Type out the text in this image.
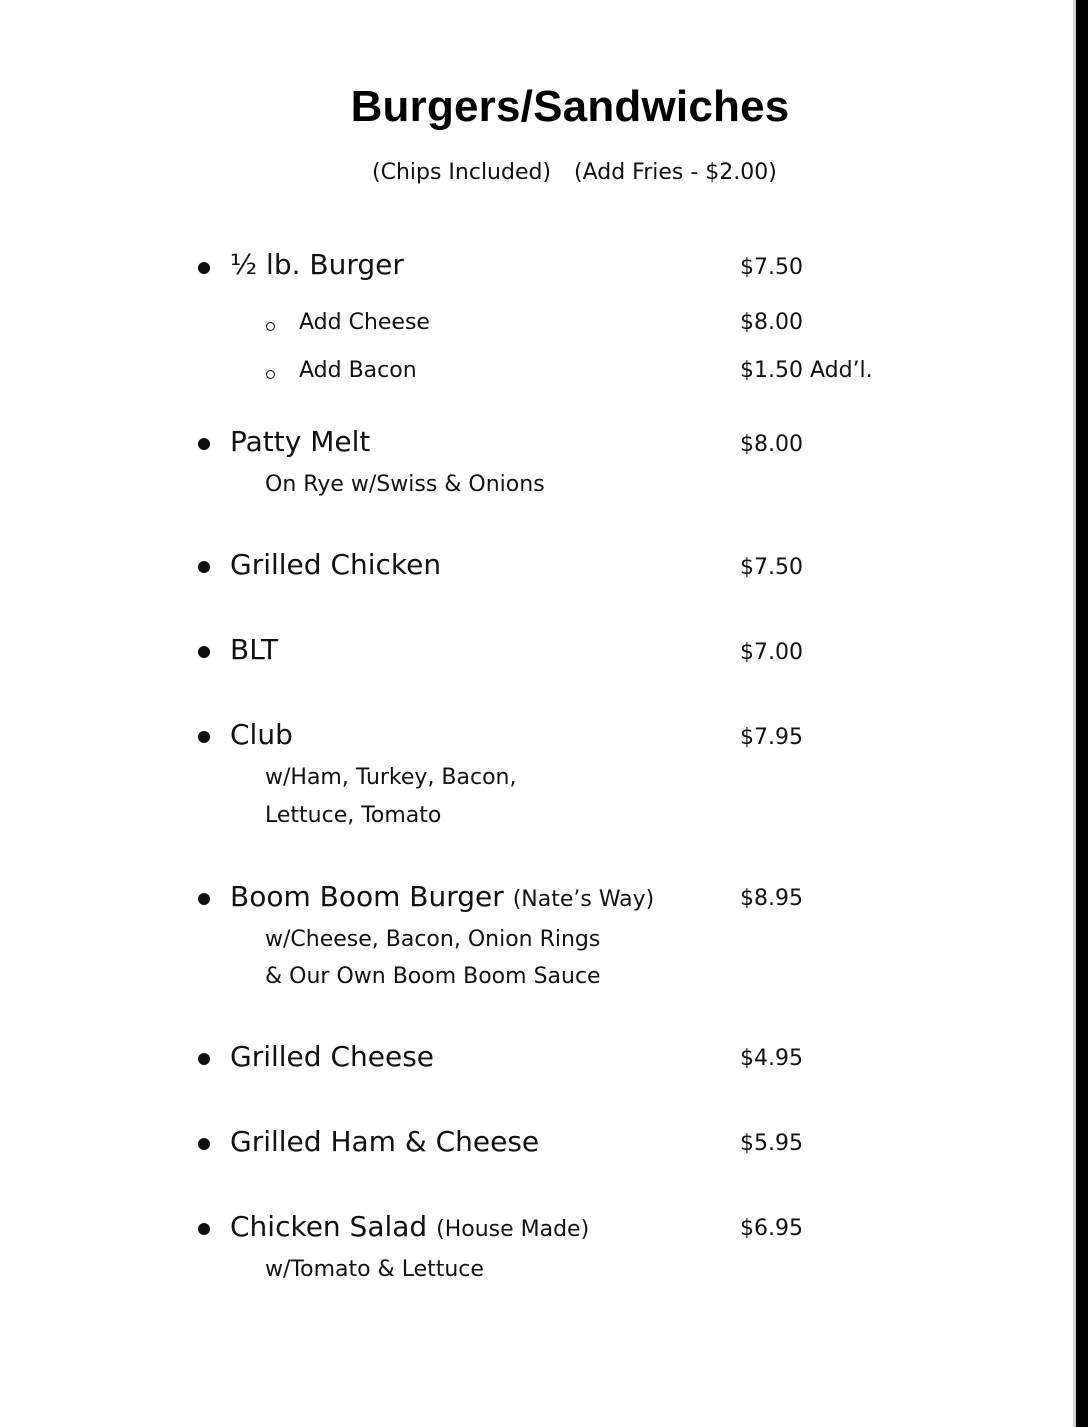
Burgers/Sandwiches
(Chips Included) (Add Fries - $2.00)
½ lb. Burger	$7.50
Add Cheese	$8.00
Add Bacon	$1.50 Add’l.
Patty Melt	$8.00
On Rye w/Swiss & Onions
Grilled Chicken	$7.50
BLT	$7.00
Club	$7.95
w/Ham, Turkey, Bacon,
Lettuce, Tomato
Boom Boom Burger (Nate’s Way)	$8.95
w/Cheese, Bacon, Onion Rings
& Our Own Boom Boom Sauce
Grilled Cheese	$4.95
Grilled Ham & Cheese	$5.95
Chicken Salad (House Made)	$6.95
w/Tomato & Lettuce
